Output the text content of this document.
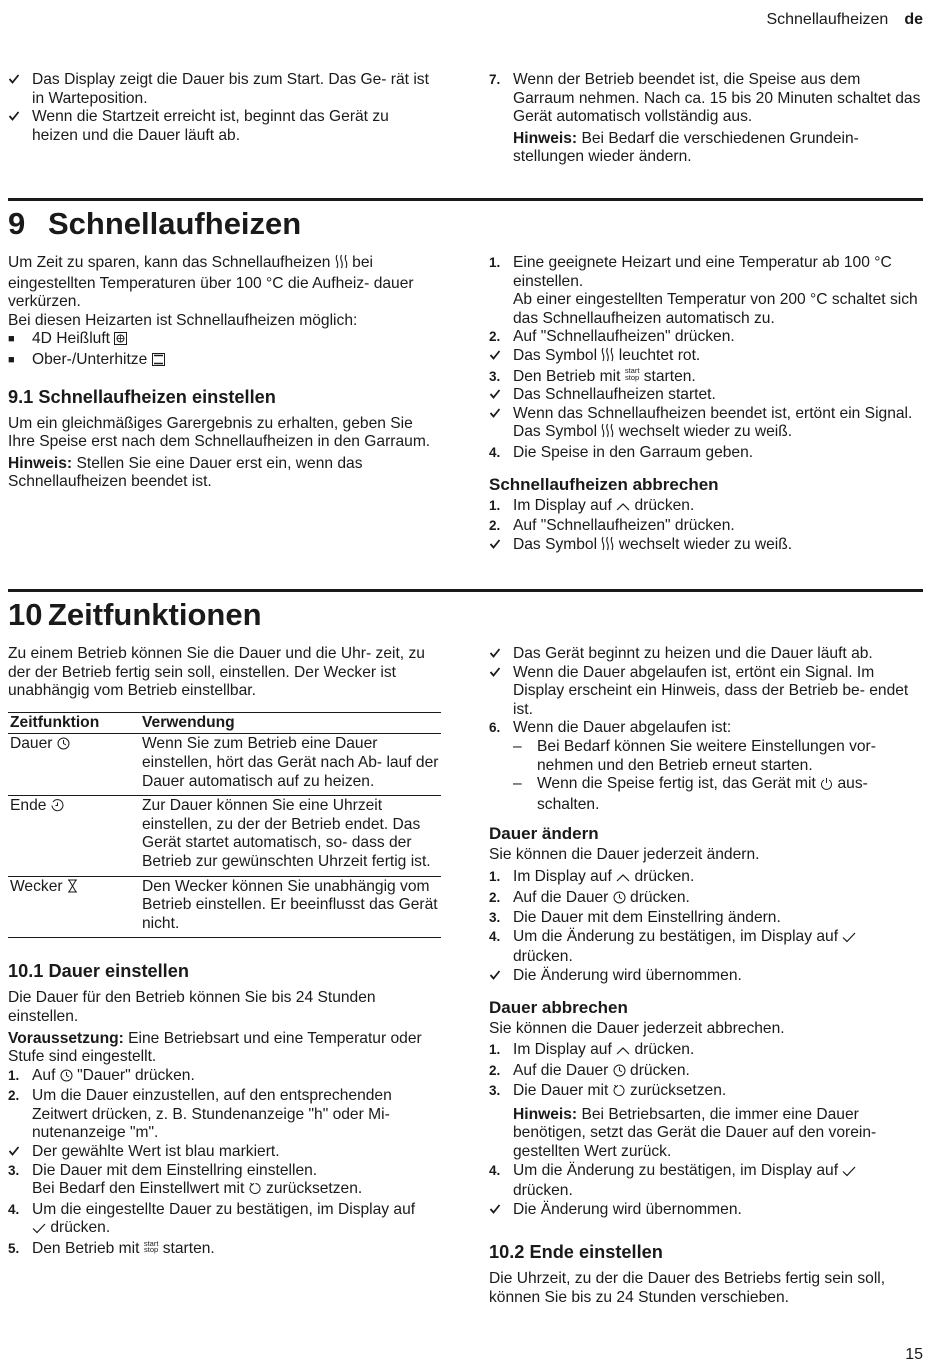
Schnellaufheizen de
Das Display zeigt die Dauer bis zum Start. Das Ge- rät ist in Warteposition.
Wenn die Startzeit erreicht ist, beginnt das Gerät zu heizen und die Dauer läuft ab.
7. Wenn der Betrieb beendet ist, die Speise aus dem Garraum nehmen. Nach ca. 15 bis 20 Minuten schaltet das Gerät automatisch vollständig aus.
Hinweis: Bei Bedarf die verschiedenen Grundein- stellungen wieder ändern.
9 Schnellaufheizen

Um Zeit zu sparen, kann das Schnellaufheizen bei eingestellten Temperaturen über 100 °C die Aufheiz- dauer verkürzen.

Bei diesen Heizarten ist Schnellaufheizen möglich:

■	4D Heißluft
■	Ober-/Unterhitze
9.1 Schnellaufheizen einstellen

Um ein gleichmäßiges Garergebnis zu erhalten, geben Sie Ihre Speise erst nach dem Schnellaufheizen in den Garraum.

Hinweis: Stellen Sie eine Dauer erst ein, wenn das Schnellaufheizen beendet ist.

1. Eine geeignete Heizart und eine Temperatur ab 100 °C einstellen.
Ab einer eingestellten Temperatur von 200 °C schaltet sich das Schnellaufheizen automatisch zu.
2. Auf "Schnellaufheizen" drücken.
Das Symbol leuchtet rot.
3. Den Betrieb mit start
stop starten.
Das Schnellaufheizen startet.
Wenn das Schnellaufheizen beendet ist, ertönt ein Signal. Das Symbol wechselt wieder zu weiß.
4. Die Speise in den Garraum geben.
Schnellaufheizen abbrechen
1. Im Display auf drücken.
2. Auf "Schnellaufheizen" drücken.
Das Symbol wechselt wieder zu weiß.
10 Zeitfunktionen

Zu einem Betrieb können Sie die Dauer und die Uhr- zeit, zu der der Betrieb fertig sein soll, einstellen. Der Wecker ist unabhängig vom Betrieb einstellbar.

Zeitfunktion	Verwendung
Dauer	Wenn Sie zum Betrieb eine Dauer einstellen, hört das Gerät nach Ab- lauf der Dauer automatisch auf zu heizen.
Ende	Zur Dauer können Sie eine Uhrzeit einstellen, zu der der Betrieb endet. Das Gerät startet automatisch, so- dass der Betrieb zur gewünschten Uhrzeit fertig ist.
Wecker	Den Wecker können Sie unabhängig vom Betrieb einstellen. Er beeinflusst das Gerät nicht.
10.1 Dauer einstellen

Die Dauer für den Betrieb können Sie bis 24 Stunden einstellen.

Voraussetzung: Eine Betriebsart und eine Temperatur oder Stufe sind eingestellt.

1. Auf "Dauer" drücken.
2. Um die Dauer einzustellen, auf den entsprechenden Zeitwert drücken, z. B. Stundenanzeige "h" oder Mi- nutenanzeige "m".
Der gewählte Wert ist blau markiert.
3. Die Dauer mit dem Einstellring einstellen.
Bei Bedarf den Einstellwert mit zurücksetzen.
4. Um die eingestellte Dauer zu bestätigen, im Display auf
drücken.
5. Den Betrieb mit start
stop starten.
Das Gerät beginnt zu heizen und die Dauer läuft ab.
Wenn die Dauer abgelaufen ist, ertönt ein Signal. Im Display erscheint ein Hinweis, dass der Betrieb be- endet ist.
6. Wenn die Dauer abgelaufen ist:
– Bei Bedarf können Sie weitere Einstellungen vor- nehmen und den Betrieb erneut starten.
– Wenn die Speise fertig ist, das Gerät mit aus- schalten.
Dauer ändern

Sie können die Dauer jederzeit ändern.

1. Im Display auf drücken.
2. Auf die Dauer drücken.
3. Die Dauer mit dem Einstellring ändern.
4. Um die Änderung zu bestätigen, im Display auf
drücken.
Die Änderung wird übernommen.
Dauer abbrechen

Sie können die Dauer jederzeit abbrechen.

1. Im Display auf drücken.
2. Auf die Dauer drücken.
3. Die Dauer mit zurücksetzen.

Hinweis: Bei Betriebsarten, die immer eine Dauer benötigen, setzt das Gerät die Dauer auf den vorein- gestellten Wert zurück.

4. Um die Änderung zu bestätigen, im Display auf
drücken.
Die Änderung wird übernommen.
10.2 Ende einstellen

Die Uhrzeit, zu der die Dauer des Betriebs fertig sein soll, können Sie bis zu 24 Stunden verschieben.

15
